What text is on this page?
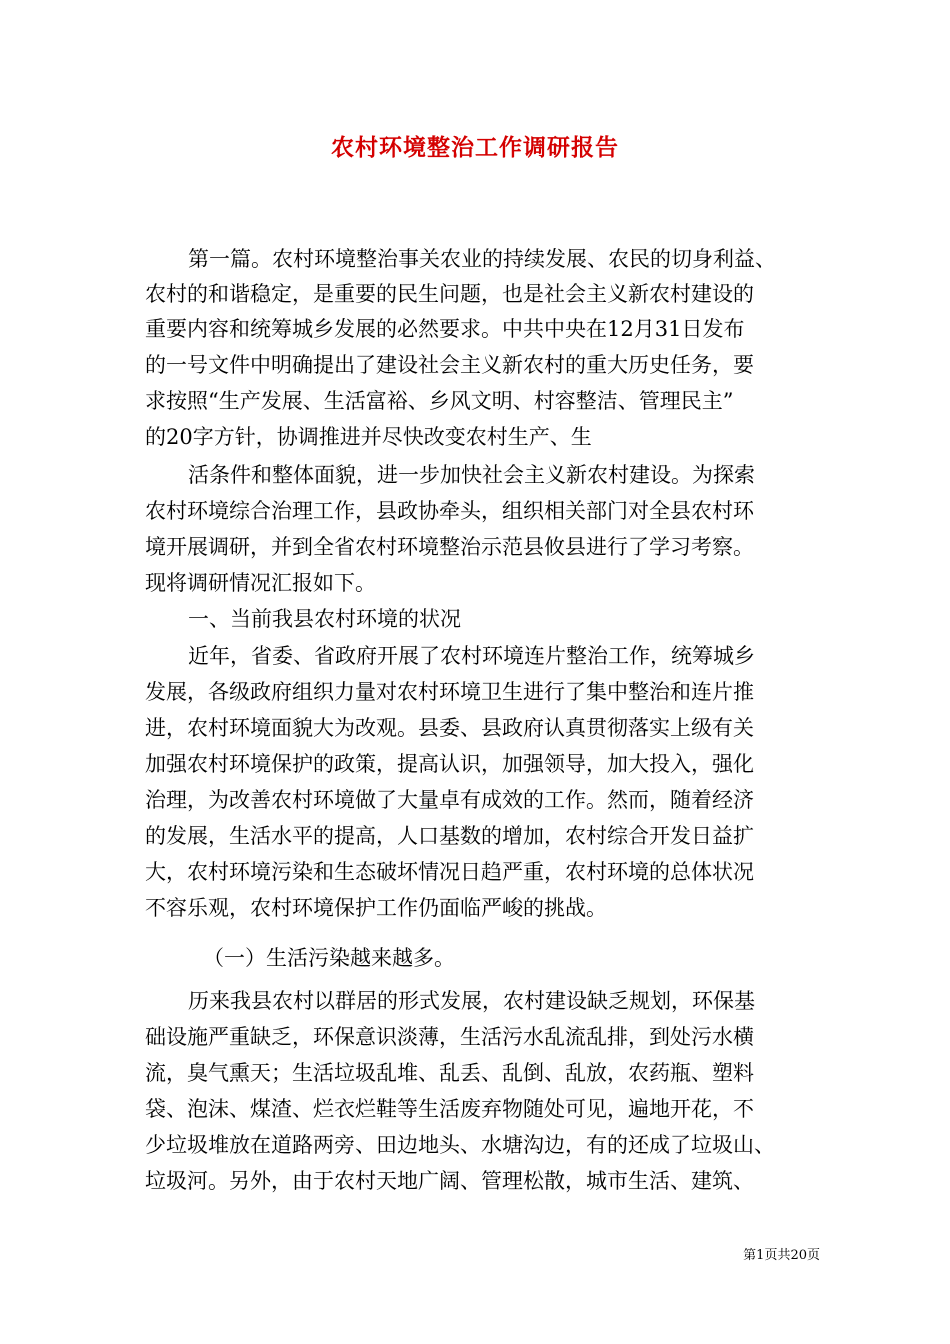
农村环境整治工作调研报告

第一篇。农村环境整治事关农业的持续发展、农民的切身利益、

农村的和谐稳定，是重要的民生问题，也是社会主义新农村建设的

重要内容和统筹城乡发展的必然要求。中共中央在12月31日发布

的一号文件中明确提出了建设社会主义新农村的重大历史任务，要

求按照“生产发展、生活富裕、乡风文明、村容整洁、管理民主”

的20字方针，协调推进并尽快改变农村生产、生

活条件和整体面貌，进一步加快社会主义新农村建设。为探索

农村环境综合治理工作，县政协牵头，组织相关部门对全县农村环

境开展调研，并到全省农村环境整治示范县攸县进行了学习考察。

现将调研情况汇报如下。

一、当前我县农村环境的状况

近年，省委、省政府开展了农村环境连片整治工作，统筹城乡

发展，各级政府组织力量对农村环境卫生进行了集中整治和连片推

进，农村环境面貌大为改观。县委、县政府认真贯彻落实上级有关

加强农村环境保护的政策，提高认识，加强领导，加大投入，强化

治理，为改善农村环境做了大量卓有成效的工作。然而，随着经济

的发展，生活水平的提高，人口基数的增加，农村综合开发日益扩

大，农村环境污染和生态破坏情况日趋严重，农村环境的总体状况

不容乐观，农村环境保护工作仍面临严峻的挑战。

（一）生活污染越来越多。

历来我县农村以群居的形式发展，农村建设缺乏规划，环保基

础设施严重缺乏，环保意识淡薄，生活污水乱流乱排，到处污水横

流，臭气熏天；生活垃圾乱堆、乱丢、乱倒、乱放，农药瓶、塑料

袋、泡沫、煤渣、烂衣烂鞋等生活废弃物随处可见，遍地开花，不

少垃圾堆放在道路两旁、田边地头、水塘沟边，有的还成了垃圾山、

垃圾河。另外，由于农村天地广阔、管理松散，城市生活、建筑、

第1页共20页
